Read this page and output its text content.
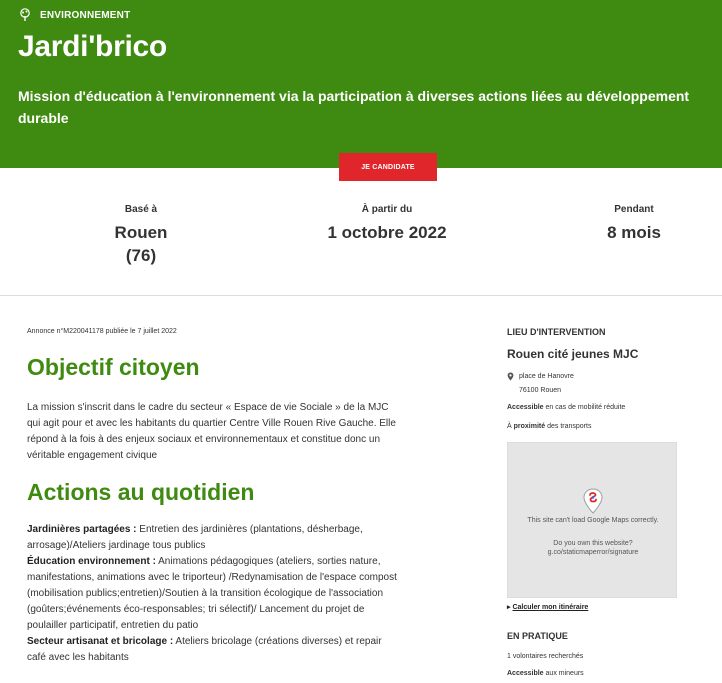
ENVIRONNEMENT
Jardi'brico

Mission d'éducation à l'environnement via la participation à diverses actions liées au développement durable

JE CANDIDATE
Basé à
Rouen
(76)
À partir du
1 octobre 2022
Pendant
8 mois
Annonce n°M220041178 publiée le 7 juillet 2022
Objectif citoyen

La mission s'inscrit dans le cadre du secteur « Espace de vie Sociale » de la MJC qui agit pour et avec les habitants du quartier Centre Ville Rouen Rive Gauche. Elle répond à la fois à des enjeux sociaux et environnementaux et constitue donc un véritable engagement civique

Actions au quotidien
Jardinières partagées : Entretien des jardinières (plantations, désherbage, arrosage)/Ateliers jardinage tous publics
Éducation environnement : Animations pédagogiques (ateliers, sorties nature, manifestations, animations avec le triporteur) /Redynamisation de l'espace compost (mobilisation publics;entretien)/Soutien à la transition écologique de l'association (goûters;événements éco-responsables; tri sélectif)/ Lancement du projet de poulailler participatif, entretien du patio
Secteur artisanat et bricolage : Ateliers bricolage (créations diverses) et repair café avec les habitants
LIEU D'INTERVENTION
Rouen cité jeunes MJC
place de Hanovre
76100 Rouen
Accessible en cas de mobilité réduite
À proximité des transports
This site can't load Google Maps correctly.
Do you own this website?
g.co/staticmaperror/signature
▸ Calculer mon itinéraire
EN PRATIQUE
1 volontaires recherchés
Accessible aux mineurs
